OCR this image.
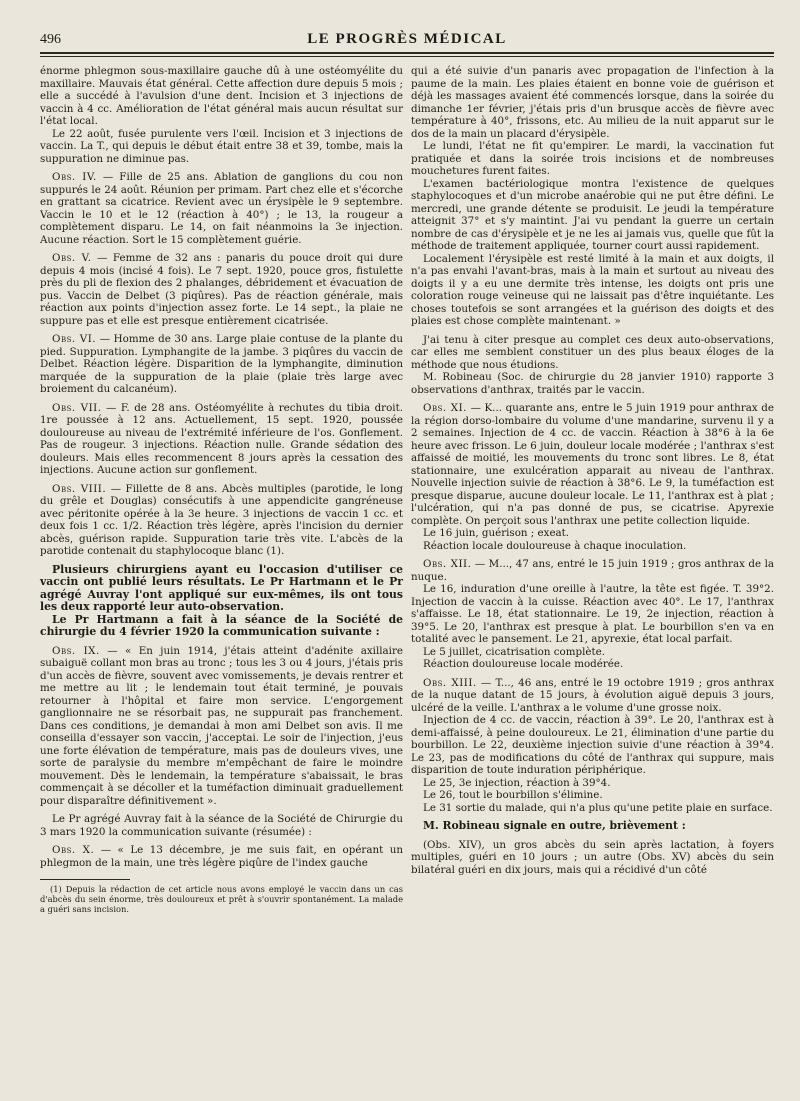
496	LE PROGRÈS MÉDICAL

énorme phlegmon sous-maxillaire gauche dû à une ostéomyélite du maxillaire. Mauvais état général. Cette affection dure depuis 5 mois ; elle a succédé à l'avulsion d'une dent. Incision et 3 injections de vaccin à 4 cc. Amélioration de l'état général mais aucun résultat sur l'état local.

Le 22 août, fusée purulente vers l'œil. Incision et 3 injections de vaccin. La T., qui depuis le début était entre 38 et 39, tombe, mais la suppuration ne diminue pas.

Obs. IV. — Fille de 25 ans. Ablation de ganglions du cou non suppurés le 24 août. Réunion per primam. Part chez elle et s'écorche en grattant sa cicatrice. Revient avec un érysipèle le 9 septembre. Vaccin le 10 et le 12 (réaction à 40°) ; le 13, la rougeur a complètement disparu. Le 14, on fait néanmoins la 3e injection. Aucune réaction. Sort le 15 complètement guérie.

Obs. V. — Femme de 32 ans : panaris du pouce droit qui dure depuis 4 mois (incisé 4 fois). Le 7 sept. 1920, pouce gros, fistulette près du pli de flexion des 2 phalanges, débridement et évacuation de pus. Vaccin de Delbet (3 piqûres). Pas de réaction générale, mais réaction aux points d'injection assez forte. Le 14 sept., la plaie ne suppure pas et elle est presque entièrement cicatrisée.

Obs. VI. — Homme de 30 ans. Large plaie contuse de la plante du pied. Suppuration. Lymphangite de la jambe. 3 piqûres du vaccin de Delbet. Réaction légère. Disparition de la lymphangite, diminution marquée de la suppuration de la plaie (plaie très large avec broiement du calcanéum).

Obs. VII. — F. de 28 ans. Ostéomyélite à rechutes du tibia droit. 1re poussée à 12 ans. Actuellement, 15 sept. 1920, poussée douloureuse au niveau de l'extrémité inférieure de l'os. Gonflement. Pas de rougeur. 3 injections. Réaction nulle. Grande sédation des douleurs. Mais elles recommencent 8 jours après la cessation des injections. Aucune action sur gonflement.

Obs. VIII. — Fillette de 8 ans. Abcès multiples (parotide, le long du grêle et Douglas) consécutifs à une appendicite gangréneuse avec péritonite opérée à la 3e heure. 3 injections de vaccin 1 cc. et deux fois 1 cc. 1/2. Réaction très légère, après l'incision du dernier abcès, guérison rapide. Suppuration tarie très vite. L'abcès de la parotide contenait du staphylocoque blanc (1).

Plusieurs chirurgiens ayant eu l'occasion d'utiliser ce vaccin ont publié leurs résultats. Le Pr Hartmann et le Pr agrégé Auvray l'ont appliqué sur eux-mêmes, ils ont tous les deux rapporté leur auto-observation.

Le Pr Hartmann a fait à la séance de la Société de chirurgie du 4 février 1920 la communication suivante :

Obs. IX. — « En juin 1914, j'étais atteint d'adénite axillaire subaiguë collant mon bras au tronc ; tous les 3 ou 4 jours, j'étais pris d'un accès de fièvre, souvent avec vomissements, je devais rentrer et me mettre au lit ; le lendemain tout était terminé, je pouvais retourner à l'hôpital et faire mon service. L'engorgement ganglionnaire ne se résorbait pas, ne suppurait pas franchement. Dans ces conditions, je demandai à mon ami Delbet son avis. Il me conseilla d'essayer son vaccin, j'acceptai. Le soir de l'injection, j'eus une forte élévation de température, mais pas de douleurs vives, une sorte de paralysie du membre m'empêchant de faire le moindre mouvement. Dès le lendemain, la température s'abaissait, le bras commençait à se décoller et la tuméfaction diminuait graduellement pour disparaître définitivement ».

Le Pr agrégé Auvray fait à la séance de la Société de Chirurgie du 3 mars 1920 la communication suivante (résumée) :

Obs. X. — « Le 13 décembre, je me suis fait, en opérant un phlegmon de la main, une très légère piqûre de l'index gauche

(1) Depuis la rédaction de cet article nous avons employé le vaccin dans un cas d'abcès du sein énorme, très douloureux et prêt à s'ouvrir spontanément. La malade a guéri sans incision.

qui a été suivie d'un panaris avec propagation de l'infection à la paume de la main. Les plaies étaient en bonne voie de guérison et déjà les massages avaient été commencés lorsque, dans la soirée du dimanche 1er février, j'étais pris d'un brusque accès de fièvre avec température à 40°, frissons, etc. Au milieu de la nuit apparut sur le dos de la main un placard d'érysipèle.

Le lundi, l'état ne fit qu'empirer. Le mardi, la vaccination fut pratiquée et dans la soirée trois incisions et de nombreuses mouchetures furent faites.

L'examen bactériologique montra l'existence de quelques staphylocoques et d'un microbe anaérobie qui ne put être défini. Le mercredi, une grande détente se produisit. Le jeudi la température atteignit 37° et s'y maintint. J'ai vu pendant la guerre un certain nombre de cas d'érysipèle et je ne les ai jamais vus, quelle que fût la méthode de traitement appliquée, tourner court aussi rapidement.

Localement l'érysipèle est resté limité à la main et aux doigts, il n'a pas envahi l'avant-bras, mais à la main et surtout au niveau des doigts il y a eu une dermite très intense, les doigts ont pris une coloration rouge veineuse qui ne laissait pas d'être inquiétante. Les choses toutefois se sont arrangées et la guérison des doigts et des plaies est chose complète maintenant. »

J'ai tenu à citer presque au complet ces deux auto-observations, car elles me semblent constituer un des plus beaux éloges de la méthode que nous étudions.

M. Robineau (Soc. de chirurgie du 28 janvier 1910) rapporte 3 observations d'anthrax, traités par le vaccin.

Obs. XI. — K... quarante ans, entre le 5 juin 1919 pour anthrax de la région dorso-lombaire du volume d'une mandarine, survenu il y a 2 semaines. Injection de 4 cc. de vaccin. Réaction à 38°6 à la 6e heure avec frisson. Le 6 juin, douleur locale modérée ; l'anthrax s'est affaissé de moitié, les mouvements du tronc sont libres. Le 8, état stationnaire, une exulcération apparait au niveau de l'anthrax. Nouvelle injection suivie de réaction à 38°6. Le 9, la tuméfaction est presque disparue, aucune douleur locale. Le 11, l'anthrax est à plat ; l'ulcération, qui n'a pas donné de pus, se cicatrise. Apyrexie complète. On perçoit sous l'anthrax une petite collection liquide.

Le 16 juin, guérison ; exeat.

Réaction locale douloureuse à chaque inoculation.

Obs. XII. — M..., 47 ans, entré le 15 juin 1919 ; gros anthrax de la nuque.

Le 16, induration d'une oreille à l'autre, la tête est figée. T. 39°2. Injection de vaccin à la cuisse. Réaction avec 40°. Le 17, l'anthrax s'affaisse. Le 18, état stationnaire. Le 19, 2e injection, réaction à 39°5. Le 20, l'anthrax est presque à plat. Le bourbillon s'en va en totalité avec le pansement. Le 21, apyrexie, état local parfait.

Le 5 juillet, cicatrisation complète.

Réaction douloureuse locale modérée.

Obs. XIII. — T..., 46 ans, entré le 19 octobre 1919 ; gros anthrax de la nuque datant de 15 jours, à évolution aiguë depuis 3 jours, ulcéré de la veille. L'anthrax a le volume d'une grosse noix.

Injection de 4 cc. de vaccin, réaction à 39°. Le 20, l'anthrax est à demi-affaissé, à peine douloureux. Le 21, élimination d'une partie du bourbillon. Le 22, deuxième injection suivie d'une réaction à 39°4. Le 23, pas de modifications du côté de l'anthrax qui suppure, mais disparition de toute induration périphérique.

Le 25, 3e injection, réaction à 39°4.

Le 26, tout le bourbillon s'élimine.

Le 31 sortie du malade, qui n'a plus qu'une petite plaie en surface.

M. Robineau signale en outre, brièvement :

(Obs. XIV), un gros abcès du sein après lactation, à foyers multiples, guéri en 10 jours ; un autre (Obs. XV) abcès du sein bilatéral guéri en dix jours, mais qui a récidivé d'un côté
